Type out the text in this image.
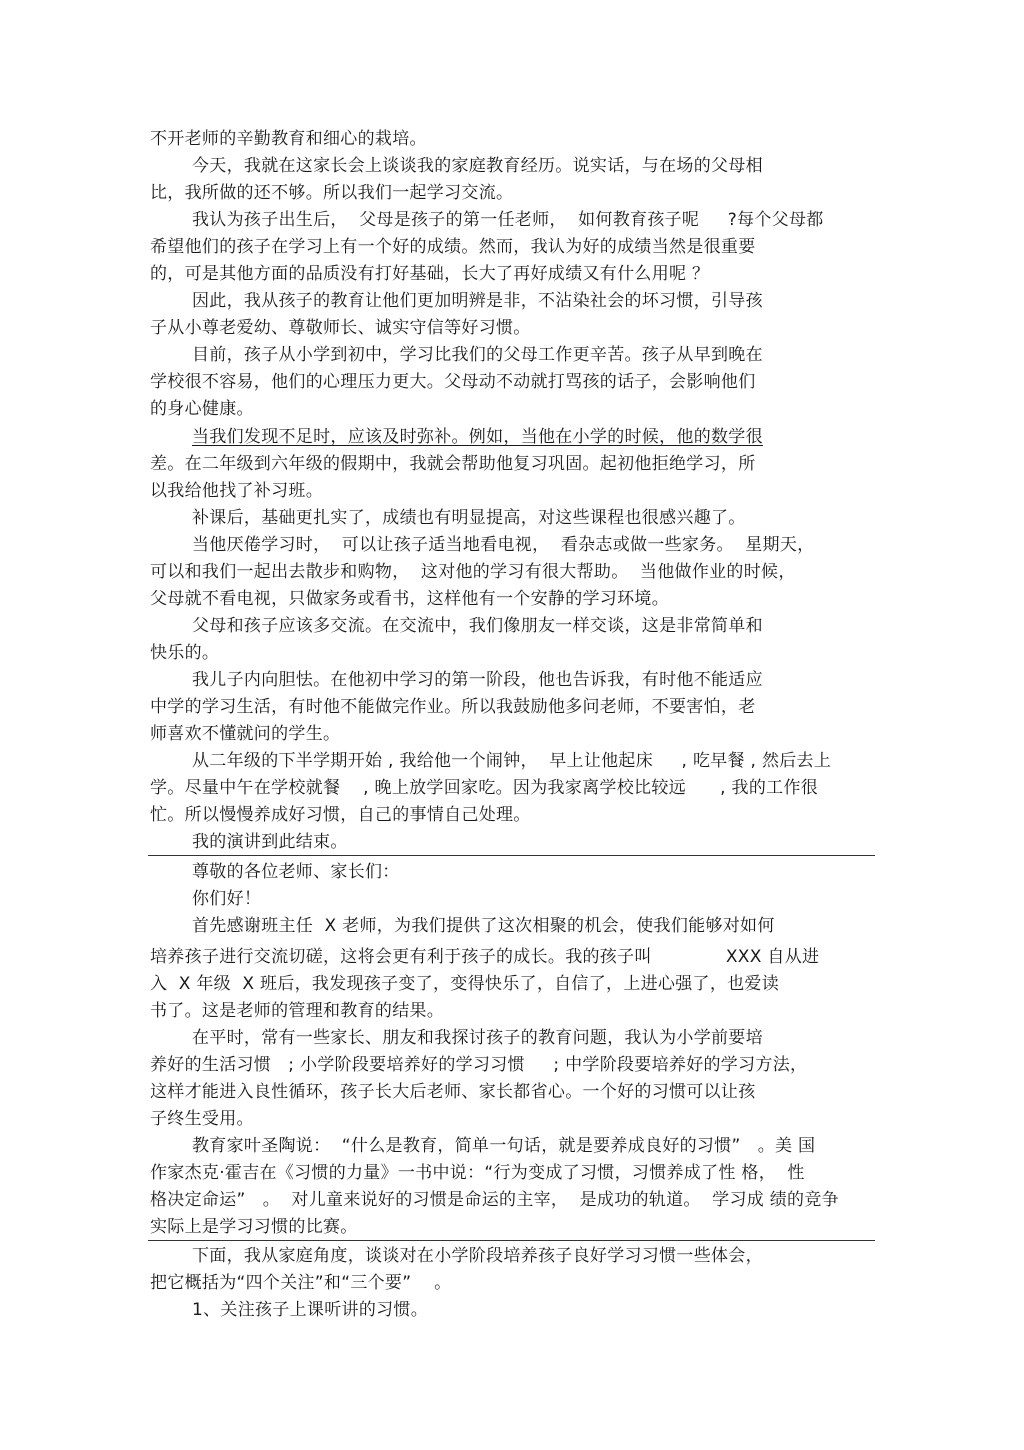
不开老师的辛勤教育和细心的栽培。
今天，我就在这家长会上谈谈我的家庭教育经历。说实话，与在场的父母相
比，我所做的还不够。所以我们一起学习交流。
我认为孩子出生后，  父母是孩子的第一任老师，  如何教育孩子呢     ?每个父母都
希望他们的孩子在学习上有一个好的成绩。然而，我认为好的成绩当然是很重要
的，可是其他方面的品质没有打好基础，长大了再好成绩又有什么用呢 ？
因此，我从孩子的教育让他们更加明辨是非，不沾染社会的坏习惯，引导孩
子从小尊老爱幼、尊敬师长、诚实守信等好习惯。
目前，孩子从小学到初中，学习比我们的父母工作更辛苦。孩子从早到晚在
学校很不容易，他们的心理压力更大。父母动不动就打骂孩的话子，会影响他们
的身心健康。
当我们发现不足时，应该及时弥补。例如，当他在小学的时候，他的数学很
差。在二年级到六年级的假期中，我就会帮助他复习巩固。起初他拒绝学习，所
以我给他找了补习班。
补课后，基础更扎实了，成绩也有明显提高，对这些课程也很感兴趣了。
当他厌倦学习时，  可以让孩子适当地看电视，  看杂志或做一些家务。  星期天，
可以和我们一起出去散步和购物，  这对他的学习有很大帮助。  当他做作业的时候，
父母就不看电视，只做家务或看书，这样他有一个安静的学习环境。
父母和孩子应该多交流。在交流中，我们像朋友一样交谈，这是非常简单和
快乐的。
我儿子内向胆怯。在他初中学习的第一阶段，他也告诉我，有时他不能适应
中学的学习生活，有时他不能做完作业。所以我鼓励他多问老师，不要害怕，老
师喜欢不懂就问的学生。
从二年级的下半学期开始 , 我给他一个闹钟，  早上让他起床     , 吃早餐 , 然后去上
学。尽量中午在学校就餐    , 晚上放学回家吃。因为我家离学校比较远      , 我的工作很
忙。所以慢慢养成好习惯，自己的事情自己处理。
我的演讲到此结束。
尊敬的各位老师、家长们：
你们好！
首先感谢班主任  X 老师，为我们提供了这次相聚的机会，使我们能够对如何
培养孩子进行交流切磋，这将会更有利于孩子的成长。我的孩子叫             XXX 自从进
入  X 年级  X 班后，我发现孩子变了，变得快乐了，自信了，上进心强了，也爱读
书了。这是老师的管理和教育的结果。
在平时，常有一些家长、朋友和我探讨孩子的教育问题，我认为小学前要培
养好的生活习惯   ; 小学阶段要培养好的学习习惯     ; 中学阶段要培养好的学习方法，
这样才能进入良性循环，孩子长大后老师、家长都省心。一个好的习惯可以让孩
子终生受用。
教育家叶圣陶说：  “什么是教育，简单一句话，就是要养成良好的习惯”   。美 国
作家杰克·霍吉在《习惯的力量》一书中说：“行为变成了习惯，习惯养成了性 格，  性
格决定命运”   。  对儿童来说好的习惯是命运的主宰，  是成功的轨道。  学习成 绩的竞争
实际上是学习习惯的比赛。
下面，我从家庭角度，谈谈对在小学阶段培养孩子良好学习习惯一些体会，
把它概括为“四个关注”和“三个要”    。
1、关注孩子上课听讲的习惯。
